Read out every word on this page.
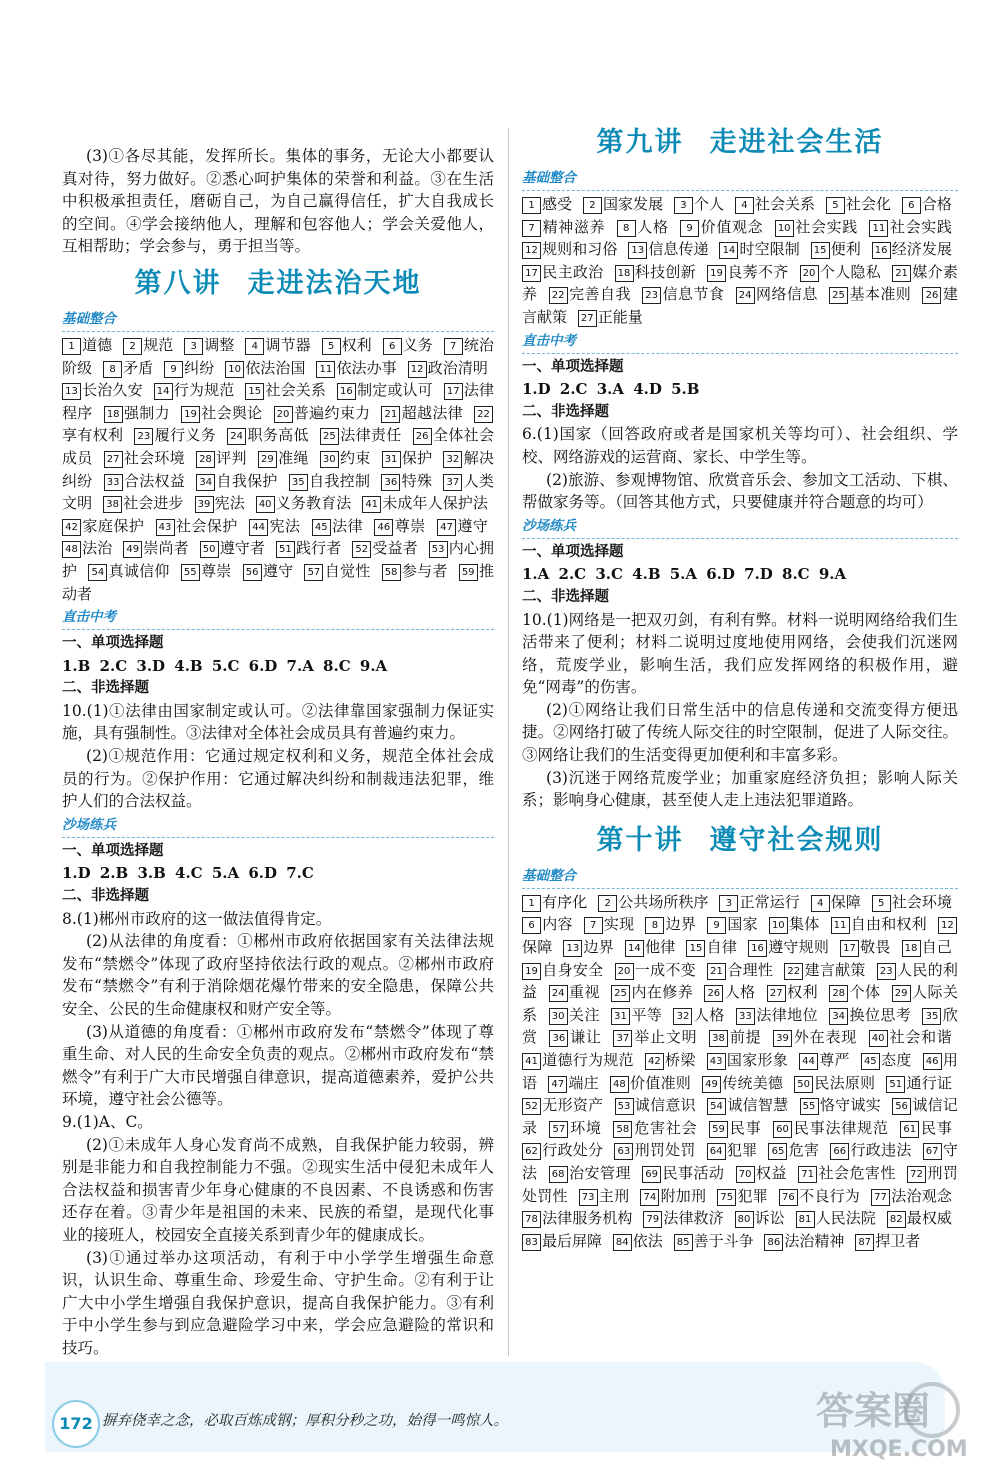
(3)①各尽其能，发挥所长。集体的事务，无论大小都要认真对待，努力做好。②悉心呵护集体的荣誉和利益。③在生活中积极承担责任，磨砺自己，为自己赢得信任，扩大自我成长的空间。④学会接纳他人，理解和包容他人；学会关爱他人，互相帮助；学会参与，勇于担当等。

第八讲 走进法治天地
基础整合
1 道德 2 规范 3 调整 4 调节器 5 权利 6 义务 7 统治阶级 8 矛盾 9 纠纷 10 依法治国 11 依法办事 12 政治清明 13 长治久安 14 行为规范 15 社会关系 16 制定或认可 17 法律程序 18 强制力 19 社会舆论 20 普遍约束力 21 超越法律 22享有权利 23 履行义务 24 职务高低 25 法律责任 26 全体社会成员 27 社会环境 28 评判 29 准绳 30 约束 31 保护 32 解决纠纷 33 合法权益 34 自我保护 35 自我控制 36 特殊 37 人类文明 38 社会进步 39 宪法 40 义务教育法 41 未成年人保护法 42 家庭保护 43 社会保护 44 宪法 45 法律 46 尊崇 47 遵守 48 法治 49 崇尚者 50 遵守者 51 践行者 52 受益者 53 内心拥护 54 真诚信仰 55 尊崇 56 遵守 57 自觉性 58 参与者 59 推动者
直击中考
一、单项选择题
1.B 2.C 3.D 4.B 5.C 6.D 7.A 8.C 9.A
二、非选择题

10.(1)①法律由国家制定或认可。②法律靠国家强制力保证实施，具有强制性。③法律对全体社会成员具有普遍约束力。

(2)①规范作用：它通过规定权利和义务，规范全体社会成员的行为。②保护作用：它通过解决纠纷和制裁违法犯罪，维护人们的合法权益。

沙场练兵
一、单项选择题
1.D 2.B 3.B 4.C 5.A 6.D 7.C
二、非选择题

8.(1)郴州市政府的这一做法值得肯定。

(2)从法律的角度看：①郴州市政府依据国家有关法律法规发布“禁燃令”体现了政府坚持依法行政的观点。②郴州市政府发布“禁燃令”有利于消除烟花爆竹带来的安全隐患，保障公共安全、公民的生命健康权和财产安全等。

(3)从道德的角度看：①郴州市政府发布“禁燃令”体现了尊重生命、对人民的生命安全负责的观点。②郴州市政府发布“禁燃令”有利于广大市民增强自律意识，提高道德素养，爱护公共环境，遵守社会公德等。

9.(1)A、C。

(2)①未成年人身心发育尚不成熟，自我保护能力较弱，辨别是非能力和自我控制能力不强。②现实生活中侵犯未成年人合法权益和损害青少年身心健康的不良因素、不良诱惑和伤害还存在着。③青少年是祖国的未来、民族的希望，是现代化事业的接班人，校园安全直接关系到青少年的健康成长。

(3)①通过举办这项活动，有利于中小学学生增强生命意识，认识生命、尊重生命、珍爱生命、守护生命。②有利于让广大中小学生增强自我保护意识，提高自我保护能力。③有利于中小学生参与到应急避险学习中来，学会应急避险的常识和技巧。

第九讲 走进社会生活
基础整合
1 感受 2 国家发展 3 个人 4 社会关系 5 社会化 6 合格 7 精神滋养 8 人格 9 价值观念 10 社会实践 11 社会实践 12 规则和习俗 13 信息传递 14 时空限制 15 便利 16 经济发展 17 民主政治 18 科技创新 19 良莠不齐 20 个人隐私 21 媒介素养 22 完善自我 23 信息节食 24 网络信息 25 基本准则 26 建言献策 27 正能量
直击中考
一、单项选择题
1.D 2.C 3.A 4.D 5.B
二、非选择题

6.(1)国家（回答政府或者是国家机关等均可）、社会组织、学校、网络游戏的运营商、家长、中学生等。

(2)旅游、参观博物馆、欣赏音乐会、参加文工活动、下棋、帮做家务等。（回答其他方式，只要健康并符合题意的均可）

沙场练兵
一、单项选择题
1.A 2.C 3.C 4.B 5.A 6.D 7.D 8.C 9.A
二、非选择题

10.(1)网络是一把双刃剑，有利有弊。材料一说明网络给我们生活带来了便利；材料二说明过度地使用网络，会使我们沉迷网络，荒废学业，影响生活，我们应发挥网络的积极作用，避免“网毒”的伤害。

(2)①网络让我们日常生活中的信息传递和交流变得方便迅捷。②网络打破了传统人际交往的时空限制，促进了人际交往。③网络让我们的生活变得更加便利和丰富多彩。

(3)沉迷于网络荒废学业；加重家庭经济负担；影响人际关系；影响身心健康，甚至使人走上违法犯罪道路。

第十讲 遵守社会规则
基础整合
1 有序化 2 公共场所秩序 3 正常运行 4 保障 5 社会环境 6 内容 7 实现 8 边界 9 国家 10 集体 11 自由和权利 12保障 13 边界 14 他律 15 自律 16 遵守规则 17 敬畏 18 自己 19 自身安全 20 一成不变 21 合理性 22 建言献策 23 人民的利益 24 重视 25 内在修养 26 人格 27 权利 28 个体 29 人际关系 30 关注 31 平等 32 人格 33 法律地位 34 换位思考 35 欣赏 36 谦让 37 举止文明 38 前提 39 外在表现 40 社会和谐 41 道德行为规范 42 桥梁 43 国家形象 44 尊严 45 态度 46 用语 47 端庄 48 价值准则 49 传统美德 50 民法原则 51 通行证 52 无形资产 53 诚信意识 54 诚信智慧 55 恪守诚实 56 诚信记录 57 环境 58 危害社会 59 民事 60 民事法律规范 61 民事 62 行政处分 63 刑罚处罚 64 犯罪 65 危害 66 行政违法 67 守法 68 治安管理 69 民事活动 70 权益 71 社会危害性 72 刑罚处罚性 73 主刑 74 附加刑 75 犯罪 76 不良行为 77 法治观念 78 法律服务机构 79 法律救济 80 诉讼 81 人民法院 82 最权威 83 最后屏障 84 依法 85 善于斗争 86 法治精神 87 捍卫者
172 摒弃侥幸之念，必取百炼成钢；厚积分秒之功，始得一鸣惊人。	答案圈
MXQE.COM
